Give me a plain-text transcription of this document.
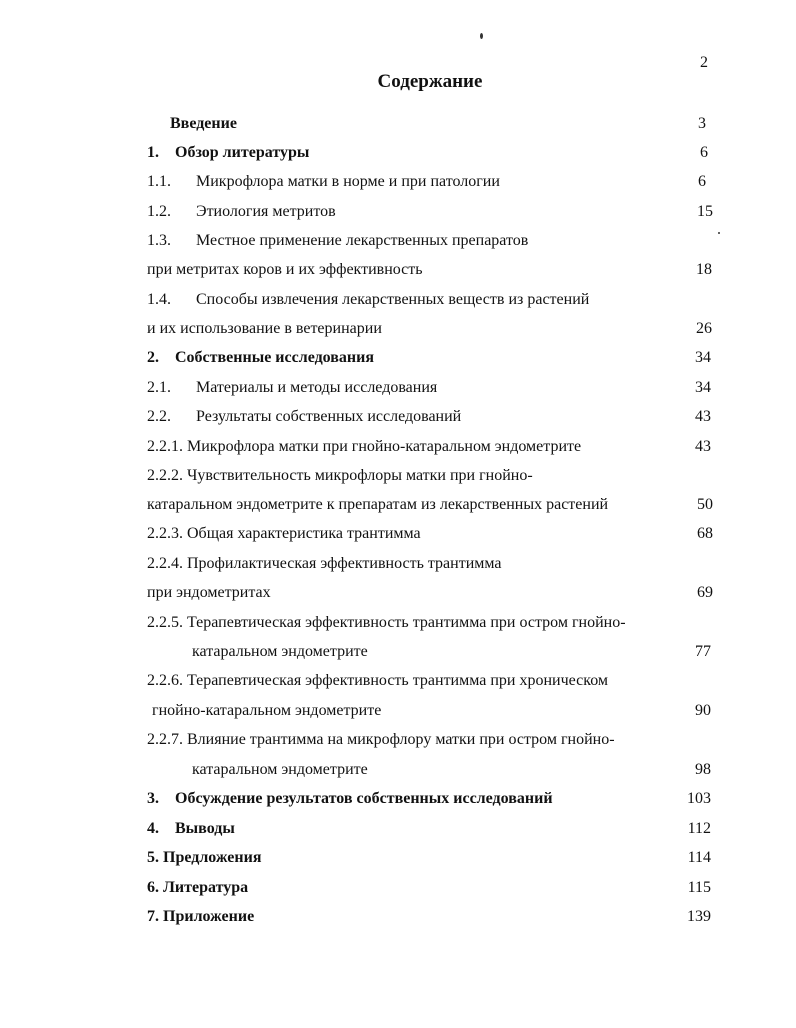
2
Содержание
Введение	3
1. Обзор литературы	6
1.1. Микрофлора матки в норме и при патологии	6
1.2. Этиология метритов	15
1.3. Местное применение лекарственных препаратов
при метритах коров и их эффективность	18
1.4. Способы извлечения лекарственных веществ из растений
и их использование в ветеринарии	26
2. Собственные исследования	34
2.1. Материалы и методы исследования	34
2.2. Результаты собственных исследований	43
2.2.1. Микрофлора матки при гнойно-катаральном эндометрите	43
2.2.2. Чувствительность микрофлоры матки при гнойно-
катаральном эндометрите к препаратам из лекарственных растений	50
2.2.3. Общая характеристика трантимма	68
2.2.4. Профилактическая эффективность трантимма
при эндометритах	69
2.2.5. Терапевтическая эффективность трантимма при остром гнойно-
катаральном эндометрите	77
2.2.6. Терапевтическая эффективность трантимма при хроническом
гнойно-катаральном эндометрите	90
2.2.7. Влияние трантимма на микрофлору матки при остром гнойно-
катаральном эндометрите	98
3. Обсуждение результатов собственных исследований	103
4. Выводы	112
5. Предложения	114
6. Литература	115
7. Приложение	139
